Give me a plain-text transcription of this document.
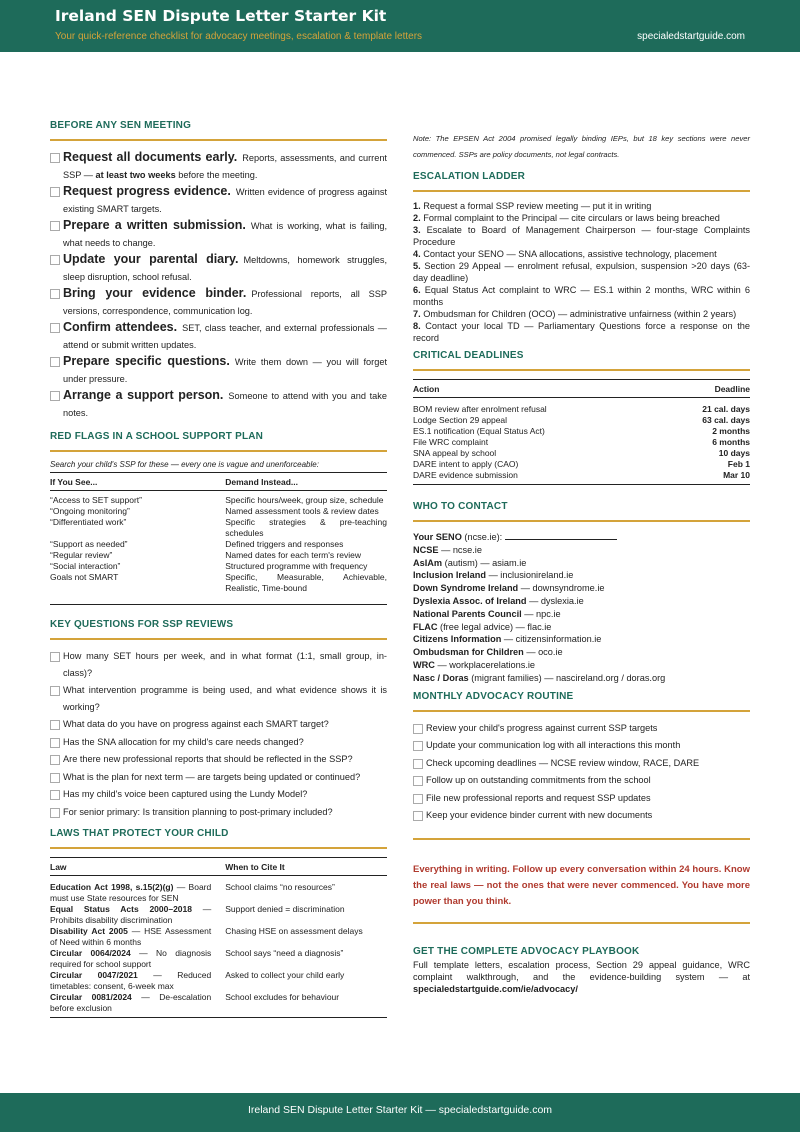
Ireland SEN Dispute Letter Starter Kit
Your quick-reference checklist for advocacy meetings, escalation & template letters	specialedstartguide.com
BEFORE ANY SEN MEETING
Request all documents early. Reports, assessments, and current SSP — at least two weeks before the meeting.
Request progress evidence. Written evidence of progress against existing SMART targets.
Prepare a written submission. What is working, what is failing, what needs to change.
Update your parental diary. Meltdowns, homework struggles, sleep disruption, school refusal.
Bring your evidence binder. Professional reports, all SSP versions, correspondence, communication log.
Confirm attendees. SET, class teacher, and external professionals — attend or submit written updates.
Prepare specific questions. Write them down — you will forget under pressure.
Arrange a support person. Someone to attend with you and take notes.
RED FLAGS IN A SCHOOL SUPPORT PLAN
Search your child's SSP for these — every one is vague and unenforceable:
If You See...	Demand Instead...
“Access to SET support”	Specific hours/week, group size, schedule
“Ongoing monitoring”	Named assessment tools & review dates
“Differentiated work”	Specific strategies & pre-teaching schedules
“Support as needed”	Defined triggers and responses
“Regular review”	Named dates for each term's review
“Social interaction”	Structured programme with frequency
Goals not SMART	Specific, Measurable, Achievable, Realistic, Time-bound
KEY QUESTIONS FOR SSP REVIEWS
How many SET hours per week, and in what format (1:1, small group, in-class)?
What intervention programme is being used, and what evidence shows it is working?
What data do you have on progress against each SMART target?
Has the SNA allocation for my child's care needs changed?
Are there new professional reports that should be reflected in the SSP?
What is the plan for next term — are targets being updated or continued?
Has my child's voice been captured using the Lundy Model?
For senior primary: Is transition planning to post-primary included?
LAWS THAT PROTECT YOUR CHILD
Law	When to Cite It
Education Act 1998, s.15(2)(g) — Board must use State resources for SEN	School claims “no resources”
Equal Status Acts 2000–2018 — Prohibits disability discrimination	Support denied = discrimination
Disability Act 2005 — HSE Assessment of Need within 6 months	Chasing HSE on assessment delays
Circular 0064/2024 — No diagnosis required for school support	School says “need a diagnosis”
Circular 0047/2021 — Reduced timetables: consent, 6-week max	Asked to collect your child early
Circular 0081/2024 — De-escalation before exclusion	School excludes for behaviour
Note: The EPSEN Act 2004 promised legally binding IEPs, but 18 key sections were never commenced. SSPs are policy documents, not legal contracts.
ESCALATION LADDER
1. Request a formal SSP review meeting — put it in writing
2. Formal complaint to the Principal — cite circulars or laws being breached
3. Escalate to Board of Management Chairperson — four-stage Complaints Procedure
4. Contact your SENO — SNA allocations, assistive technology, placement
5. Section 29 Appeal — enrolment refusal, expulsion, suspension >20 days (63-day deadline)
6. Equal Status Act complaint to WRC — ES.1 within 2 months, WRC within 6 months
7. Ombudsman for Children (OCO) — administrative unfairness (within 2 years)
8. Contact your local TD — Parliamentary Questions force a response on the record
CRITICAL DEADLINES
Action	Deadline
BOM review after enrolment refusal	21 cal. days
Lodge Section 29 appeal	63 cal. days
ES.1 notification (Equal Status Act)	2 months
File WRC complaint	6 months
SNA appeal by school	10 days
DARE intent to apply (CAO)	Feb 1
DARE evidence submission	Mar 10
WHO TO CONTACT
Your SENO (ncse.ie):
NCSE — ncse.ie
AsIAm (autism) — asiam.ie
Inclusion Ireland — inclusionireland.ie
Down Syndrome Ireland — downsyndrome.ie
Dyslexia Assoc. of Ireland — dyslexia.ie
National Parents Council — npc.ie
FLAC (free legal advice) — flac.ie
Citizens Information — citizensinformation.ie
Ombudsman for Children — oco.ie
WRC — workplacerelations.ie
Nasc / Doras (migrant families) — nascireland.org / doras.org
MONTHLY ADVOCACY ROUTINE
Review your child's progress against current SSP targets
Update your communication log with all interactions this month
Check upcoming deadlines — NCSE review window, RACE, DARE
Follow up on outstanding commitments from the school
File new professional reports and request SSP updates
Keep your evidence binder current with new documents
Everything in writing. Follow up every conversation within 24 hours. Know the real laws — not the ones that were never commenced. You have more power than you think.
GET THE COMPLETE ADVOCACY PLAYBOOK
Full template letters, escalation process, Section 29 appeal guidance, WRC complaint walkthrough, and the evidence-building system — at specialedstartguide.com/ie/advocacy/
Ireland SEN Dispute Letter Starter Kit — specialedstartguide.com
